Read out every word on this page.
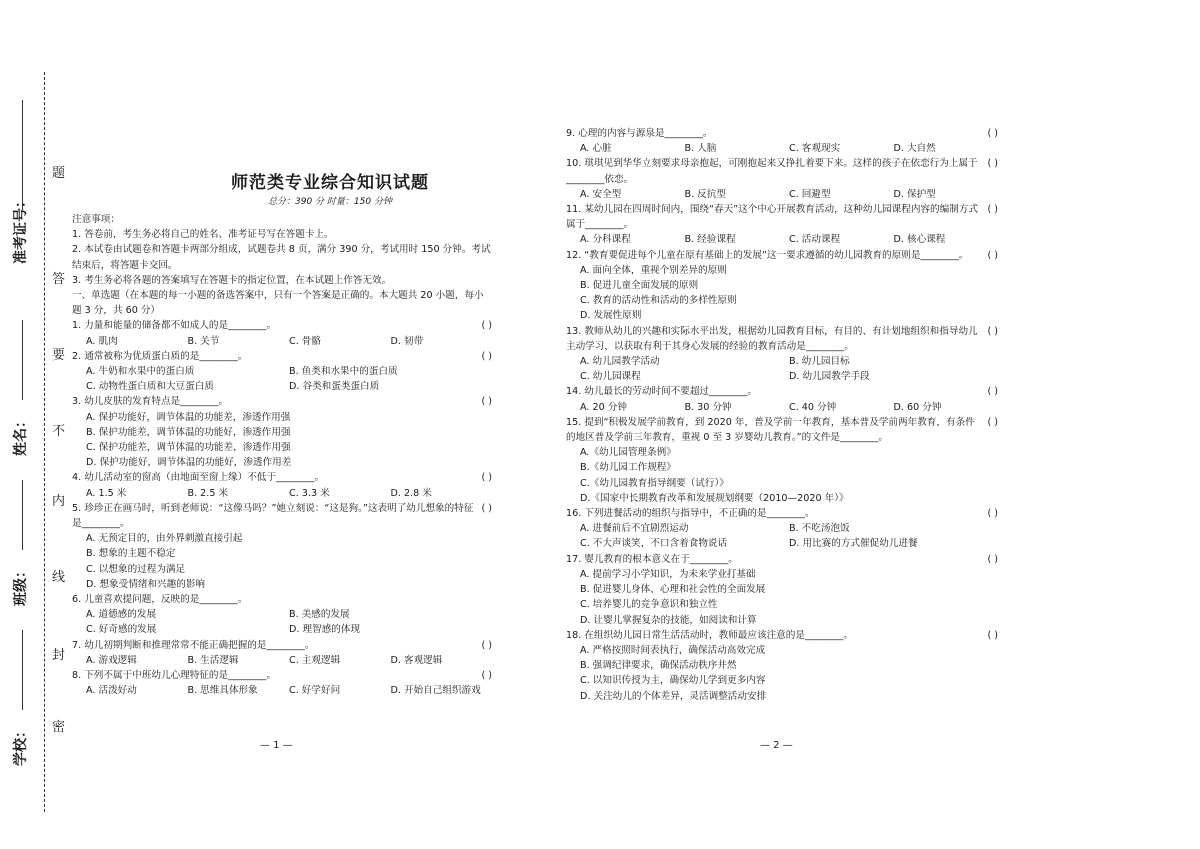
题
答
要
不
内
线
封
密
准考证号：
姓名：
班级：
学校：
师范类专业综合知识试题
总分：390 分 时量：150 分钟
注意事项：
1. 答卷前，考生务必将自己的姓名、准考证号写在答题卡上。
2. 本试卷由试题卷和答题卡两部分组成，试题卷共 8 页，满分 390 分，考试用时 150 分钟。考试结束后，将答题卡交回。
3. 考生务必将各题的答案填写在答题卡的指定位置，在本试题上作答无效。
一、单选题（在本题的每一小题的备选答案中，只有一个答案是正确的。本大题共 20 小题，每小题 3 分，共 60 分）
1. 力量和能量的储备都不如成人的是________。	( )
A. 肌肉	B. 关节	C. 骨骼	D. 韧带
2. 通常被称为优质蛋白质的是________。	( )
A. 牛奶和水果中的蛋白质	B. 鱼类和水果中的蛋白质
C. 动物性蛋白质和大豆蛋白质	D. 谷类和蛋类蛋白质
3. 幼儿皮肤的发育特点是________。	( )
A. 保护功能好，调节体温的功能差，渗透作用强
B. 保护功能差，调节体温的功能好，渗透作用强
C. 保护功能差，调节体温的功能差，渗透作用强
D. 保护功能好，调节体温的功能好，渗透作用差
4. 幼儿活动室的窗高（由地面至窗上缘）不低于________。	( )
A. 1.5 米	B. 2.5 米	C. 3.3 米	D. 2.8 米
5. 珍珍正在画马时，听到老师说：“这像马吗？”她立刻说：“这是狗。”这表明了幼儿想象的特征是________。
( )
A. 无预定目的，由外界刺激直接引起
B. 想象的主题不稳定
C. 以想象的过程为满足
D. 想象受情绪和兴趣的影响
6. 儿童喜欢提问题，反映的是________。
A. 道德感的发展	B. 美感的发展
C. 好奇感的发展	D. 理智感的体现
7. 幼儿初期判断和推理常常不能正确把握的是________。	( )
A. 游戏逻辑	B. 生活逻辑	C. 主观逻辑	D. 客观逻辑
8. 下列不属于中班幼儿心理特征的是________。	( )
A. 活泼好动	B. 思维具体形象	C. 好学好问	D. 开始自己组织游戏
9. 心理的内容与源泉是________。	( )
A. 心脏	B. 人脑	C. 客观现实	D. 大自然
10. 琪琪见到华华立刻要求母亲抱起，可刚抱起来又挣扎着要下来。这样的孩子在依恋行为上属于________依恋。
( )
A. 安全型	B. 反抗型	C. 回避型	D. 保护型
11. 某幼儿园在四周时间内，围绕“春天”这个中心开展教育活动，这种幼儿园课程内容的编制方式属于________。
( )
A. 分科课程	B. 经验课程	C. 活动课程	D. 核心课程
12. “教育要促进每个儿童在原有基础上的发展”这一要求遵循的幼儿园教育的原则是________。	( )
A. 面向全体，重视个别差异的原则
B. 促进儿童全面发展的原则
C. 教育的活动性和活动的多样性原则
D. 发展性原则
13. 教师从幼儿的兴趣和实际水平出发，根据幼儿园教育目标，有目的、有计划地组织和指导幼儿主动学习，以获取有利于其身心发展的经验的教育活动是________。
( )
A. 幼儿园教学活动	B. 幼儿园目标
C. 幼儿园课程	D. 幼儿园教学手段
14. 幼儿最长的劳动时间不要超过________。	( )
A. 20 分钟	B. 30 分钟	C. 40 分钟	D. 60 分钟
15. 提到“积极发展学前教育，到 2020 年，普及学前一年教育，基本普及学前两年教育，有条件的地区普及学前三年教育，重视 0 至 3 岁婴幼儿教育。”的文件是________。
( )
A.《幼儿园管理条例》
B.《幼儿园工作规程》
C.《幼儿园教育指导纲要（试行）》
D.《国家中长期教育改革和发展规划纲要（2010—2020 年）》
16. 下列进餐活动的组织与指导中，不正确的是________。	( )
A. 进餐前后不宜剧烈运动	B. 不吃汤泡饭
C. 不大声谈笑，不口含着食物说话	D. 用比赛的方式催促幼儿进餐
17. 婴儿教育的根本意义在于________。	( )
A. 提前学习小学知识，为未来学业打基础
B. 促进婴儿身体、心理和社会性的全面发展
C. 培养婴儿的竞争意识和独立性
D. 让婴儿掌握复杂的技能，如阅读和计算
18. 在组织幼儿园日常生活活动时，教师最应该注意的是________。	( )
A. 严格按照时间表执行，确保活动高效完成
B. 强调纪律要求，确保活动秩序井然
C. 以知识传授为主，确保幼儿学到更多内容
D. 关注幼儿的个体差异，灵活调整活动安排
— 1 —	— 2 —
